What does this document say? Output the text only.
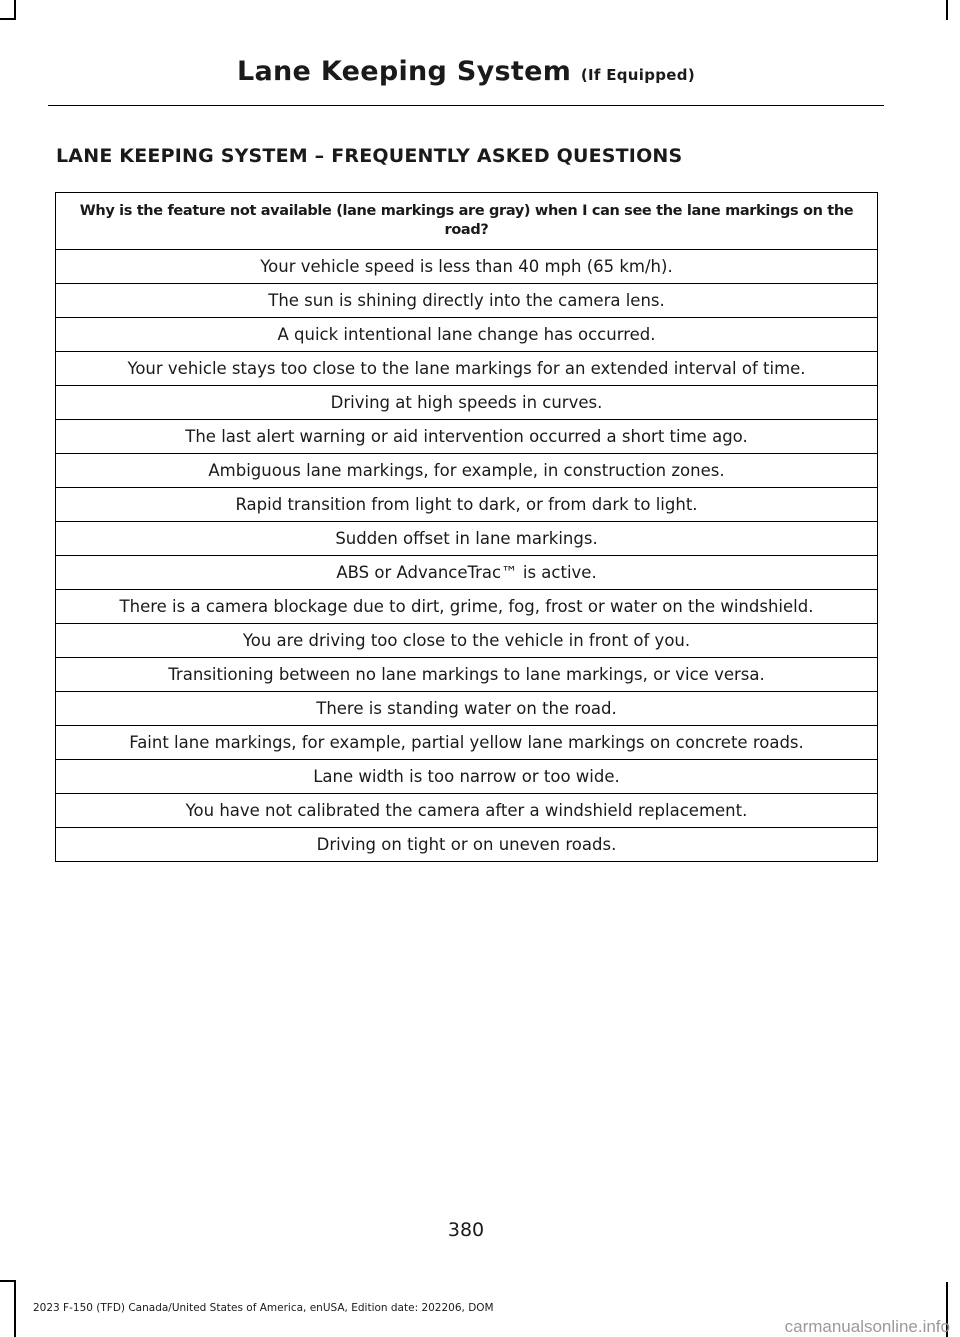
Lane Keeping System (If Equipped)
LANE KEEPING SYSTEM – FREQUENTLY ASKED QUESTIONS
Why is the feature not available (lane markings are gray) when I can see the lane markings on the road?
Your vehicle speed is less than 40 mph (65 km/h).
The sun is shining directly into the camera lens.
A quick intentional lane change has occurred.
Your vehicle stays too close to the lane markings for an extended interval of time.
Driving at high speeds in curves.
The last alert warning or aid intervention occurred a short time ago.
Ambiguous lane markings, for example, in construction zones.
Rapid transition from light to dark, or from dark to light.
Sudden offset in lane markings.
ABS or AdvanceTrac™ is active.
There is a camera blockage due to dirt, grime, fog, frost or water on the windshield.
You are driving too close to the vehicle in front of you.
Transitioning between no lane markings to lane markings, or vice versa.
There is standing water on the road.
Faint lane markings, for example, partial yellow lane markings on concrete roads.
Lane width is too narrow or too wide.
You have not calibrated the camera after a windshield replacement.
Driving on tight or on uneven roads.
380
2023 F-150 (TFD) Canada/United States of America, enUSA, Edition date: 202206, DOM
carmanualsonline.info
